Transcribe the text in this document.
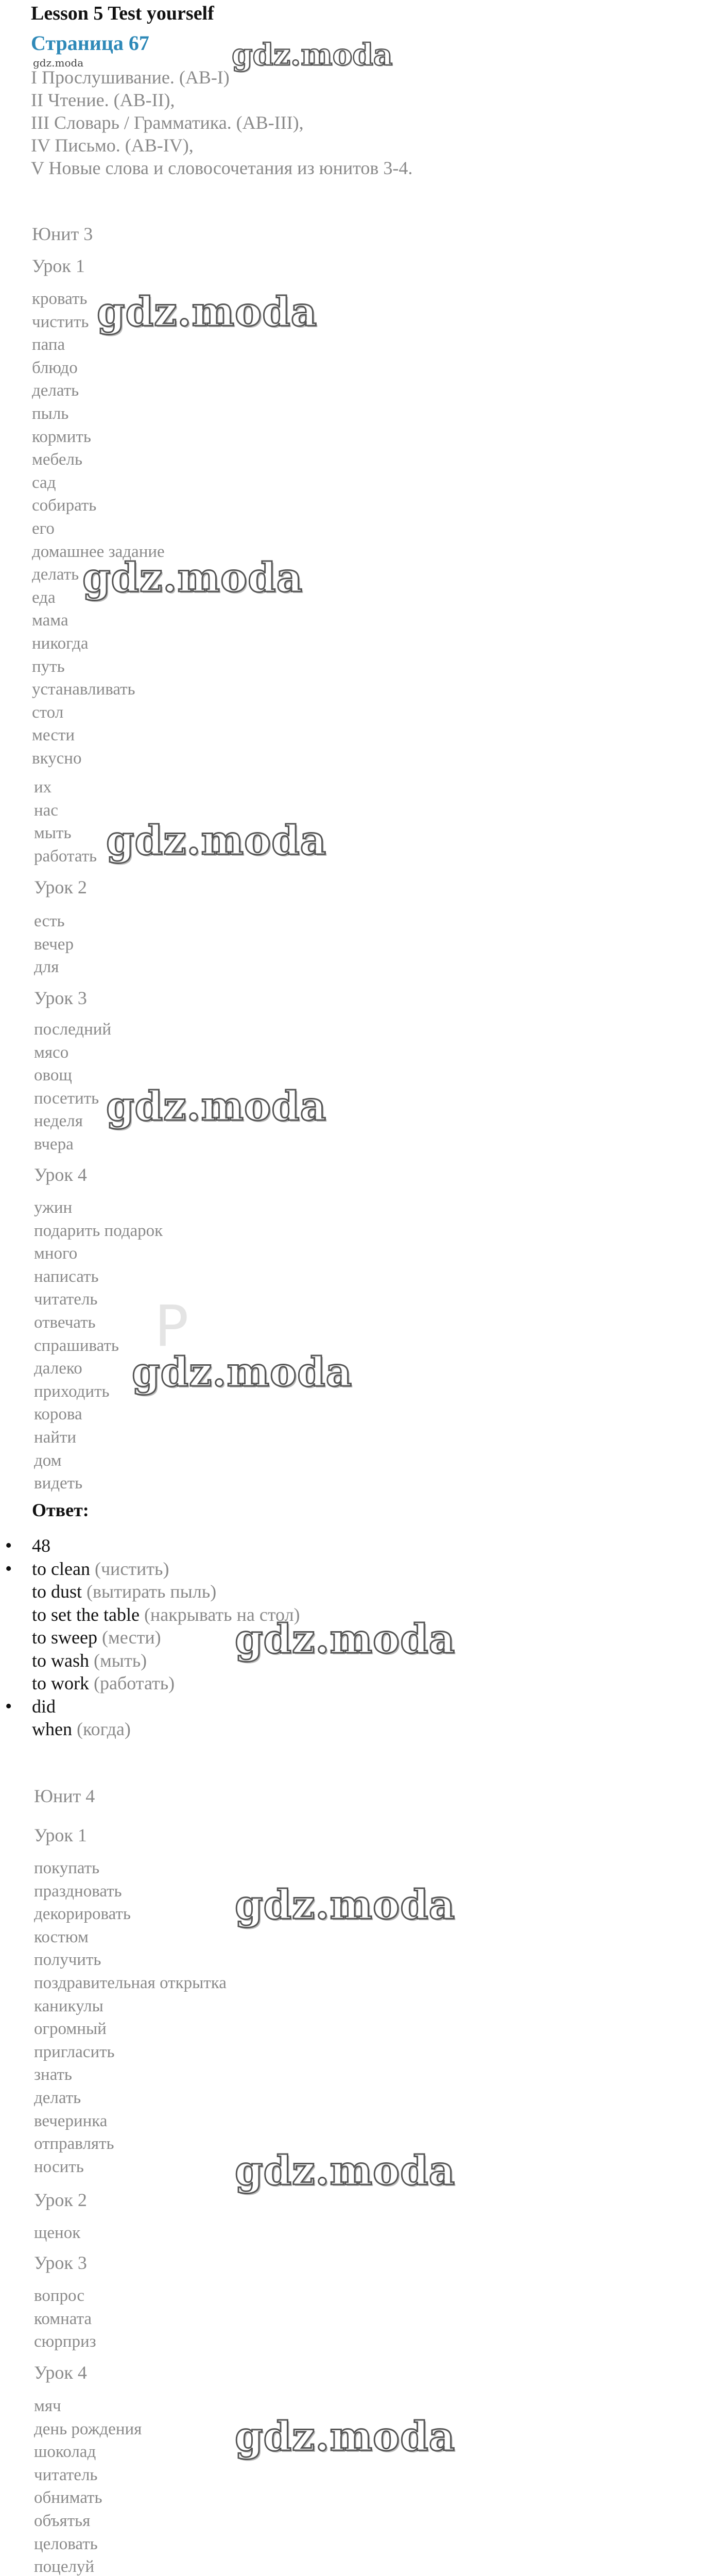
Lesson 5 Test yourself
Страница 67
I Прослушивание. (AB-I)
II Чтение. (AB-II),
III Словарь / Грамматика. (AB-III),
IV Письмо. (AB-IV),
V Новые слова и словосочетания из юнитов 3-4.
Юнит 3
Урок 1
кровать
чистить
папа
блюдо
делать
пыль
кормить
мебель
сад
собирать
его
домашнее задание
делать
еда
мама
никогда
путь
устанавливать
стол
мести
вкусно
их
нас
мыть
работать
Урок 2
есть
вечер
для
Урок 3
последний
мясо
овощ
посетить
неделя
вчера
Урок 4
ужин
подарить подарок
много
написать
читатель
отвечать
спрашивать
далеко
приходить
корова
найти
дом
видеть
Ответ:
• 48
• to clean (чистить)
to dust (вытирать пыль)
to set the table (накрывать на стол)
to sweep (мести)
to wash (мыть)
to work (работать)
• did
when (когда)
Юнит 4
Урок 1
покупать
праздновать
декорировать
костюм
получить
поздравительная открытка
каникулы
огромный
пригласить
знать
делать
вечеринка
отправлять
носить
Урок 2
щенок
Урок 3
вопрос
комната
сюрприз
Урок 4
мяч
день рождения
шоколад
читатель
обнимать
объятья
целовать
поцелуй
gdz.moda	gdz.moda
gdz.moda
gdz.moda
gdz.moda
gdz.moda
P
gdz.moda
gdz.moda
gdz.moda
gdz.moda
gdz.moda
